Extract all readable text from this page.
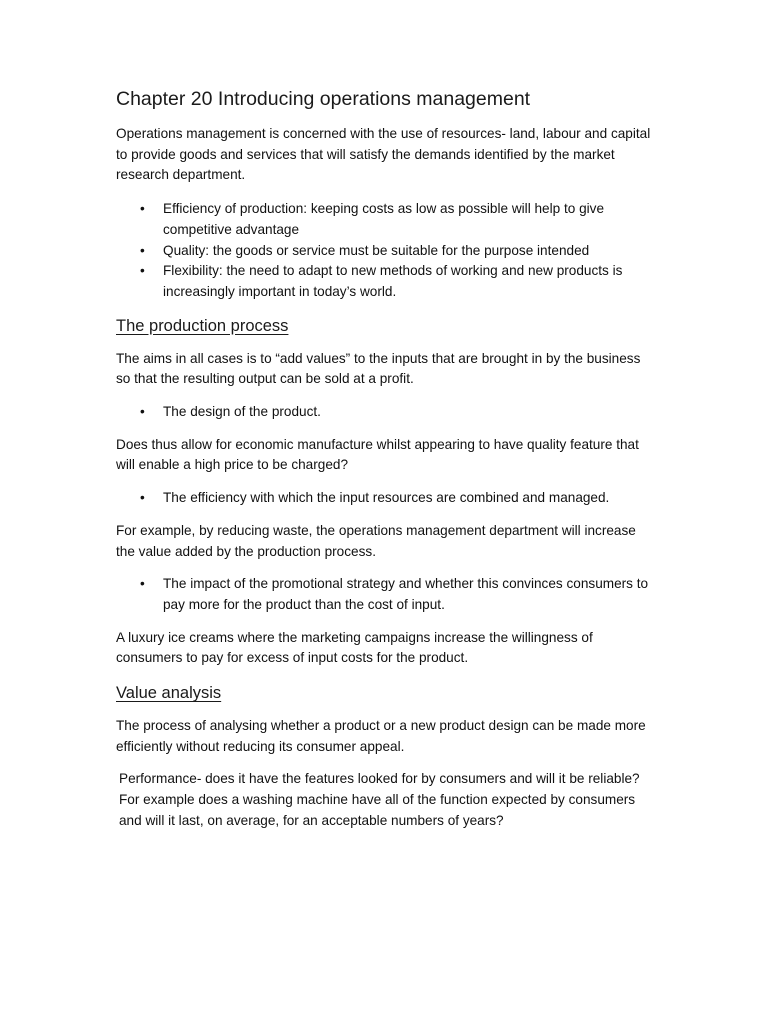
Chapter 20 Introducing operations management

Operations management is concerned with the use of resources- land, labour and capital to provide goods and services that will satisfy the demands identified by the market research department.

• Efficiency of production: keeping costs as low as possible will help to give competitive advantage
• Quality: the goods or service must be suitable for the purpose intended
• Flexibility: the need to adapt to new methods of working and new products is increasingly important in today’s world.
The production process

The aims in all cases is to “add values” to the inputs that are brought in by the business so that the resulting output can be sold at a profit.

• The design of the product.

Does thus allow for economic manufacture whilst appearing to have quality feature that will enable a high price to be charged?

• The efficiency with which the input resources are combined and managed.

For example, by reducing waste, the operations management department will increase the value added by the production process.

• The impact of the promotional strategy and whether this convinces consumers to pay more for the product than the cost of input.

A luxury ice creams where the marketing campaigns increase the willingness of consumers to pay for excess of input costs for the product.

Value analysis

The process of analysing whether a product or a new product design can be made more efficiently without reducing its consumer appeal.

Performance- does it have the features looked for by consumers and will it be reliable? For example does a washing machine have all of the function expected by consumers and will it last, on average, for an acceptable numbers of years?
